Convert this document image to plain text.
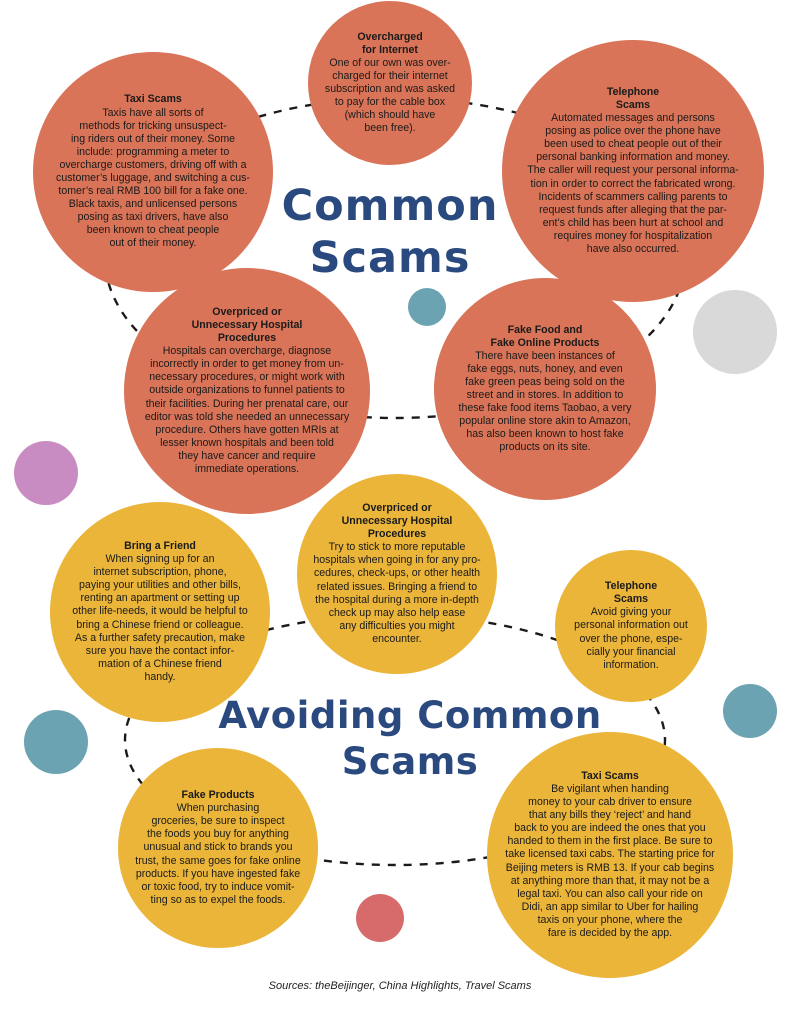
Overcharged
for Internet
One of our own was over-
charged for their internet
subscription and was asked
to pay for the cable box
(which should have
been free).
Taxi Scams
Taxis have all sorts of
methods for tricking unsuspect-
ing riders out of their money. Some
include: programming a meter to
overcharge customers, driving off with a
customer’s luggage, and switching a cus-
tomer’s real RMB 100 bill for a fake one.
Black taxis, and unlicensed persons
posing as taxi drivers, have also
been known to cheat people
out of their money.
Telephone
Scams
Automated messages and persons
posing as police over the phone have
been used to cheat people out of their
personal banking information and money.
The caller will request your personal informa-
tion in order to correct the fabricated wrong.
Incidents of scammers calling parents to
request funds after alleging that the par-
ent’s child has been hurt at school and
requires money for hospitalization
have also occurred.
Overpriced or
Unnecessary Hospital
Procedures
Hospitals can overcharge, diagnose
incorrectly in order to get money from un-
necessary procedures, or might work with
outside organizations to funnel patients to
their facilities. During her prenatal care, our
editor was told she needed an unnecessary
procedure. Others have gotten MRIs at
lesser known hospitals and been told
they have cancer and require
immediate operations.
Fake Food and
Fake Online Products
There have been instances of
fake eggs, nuts, honey, and even
fake green peas being sold on the
street and in stores. In addition to
these fake food items Taobao, a very
popular online store akin to Amazon,
has also been known to host fake
products on its site.
Common
Scams
Overpriced or
Unnecessary Hospital
Procedures
Try to stick to more reputable
hospitals when going in for any pro-
cedures, check-ups, or other health
related issues. Bringing a friend to
the hospital during a more in-depth
check up may also help ease
any difficulties you might
encounter.
Bring a Friend
When signing up for an
internet subscription, phone,
paying your utilities and other bills,
renting an apartment or setting up
other life-needs, it would be helpful to
bring a Chinese friend or colleague.
As a further safety precaution, make
sure you have the contact infor-
mation of a Chinese friend
handy.
Telephone
Scams
Avoid giving your
personal information out
over the phone, espe-
cially your financial
information.
Fake Products
When purchasing
groceries, be sure to inspect
the foods you buy for anything
unusual and stick to brands you
trust, the same goes for fake online
products. If you have ingested fake
or toxic food, try to induce vomit-
ting so as to expel the foods.
Taxi Scams
Be vigilant when handing
money to your cab driver to ensure
that any bills they ‘reject’ and hand
back to you are indeed the ones that you
handed to them in the first place. Be sure to
take licensed taxi cabs. The starting price for
Beijing meters is RMB 13. If your cab begins
at anything more than that, it may not be a
legal taxi. You can also call your ride on
Didi, an app similar to Uber for hailing
taxis on your phone, where the
fare is decided by the app.
Avoiding Common
Scams
Sources: theBeijinger, China Highlights, Travel Scams
